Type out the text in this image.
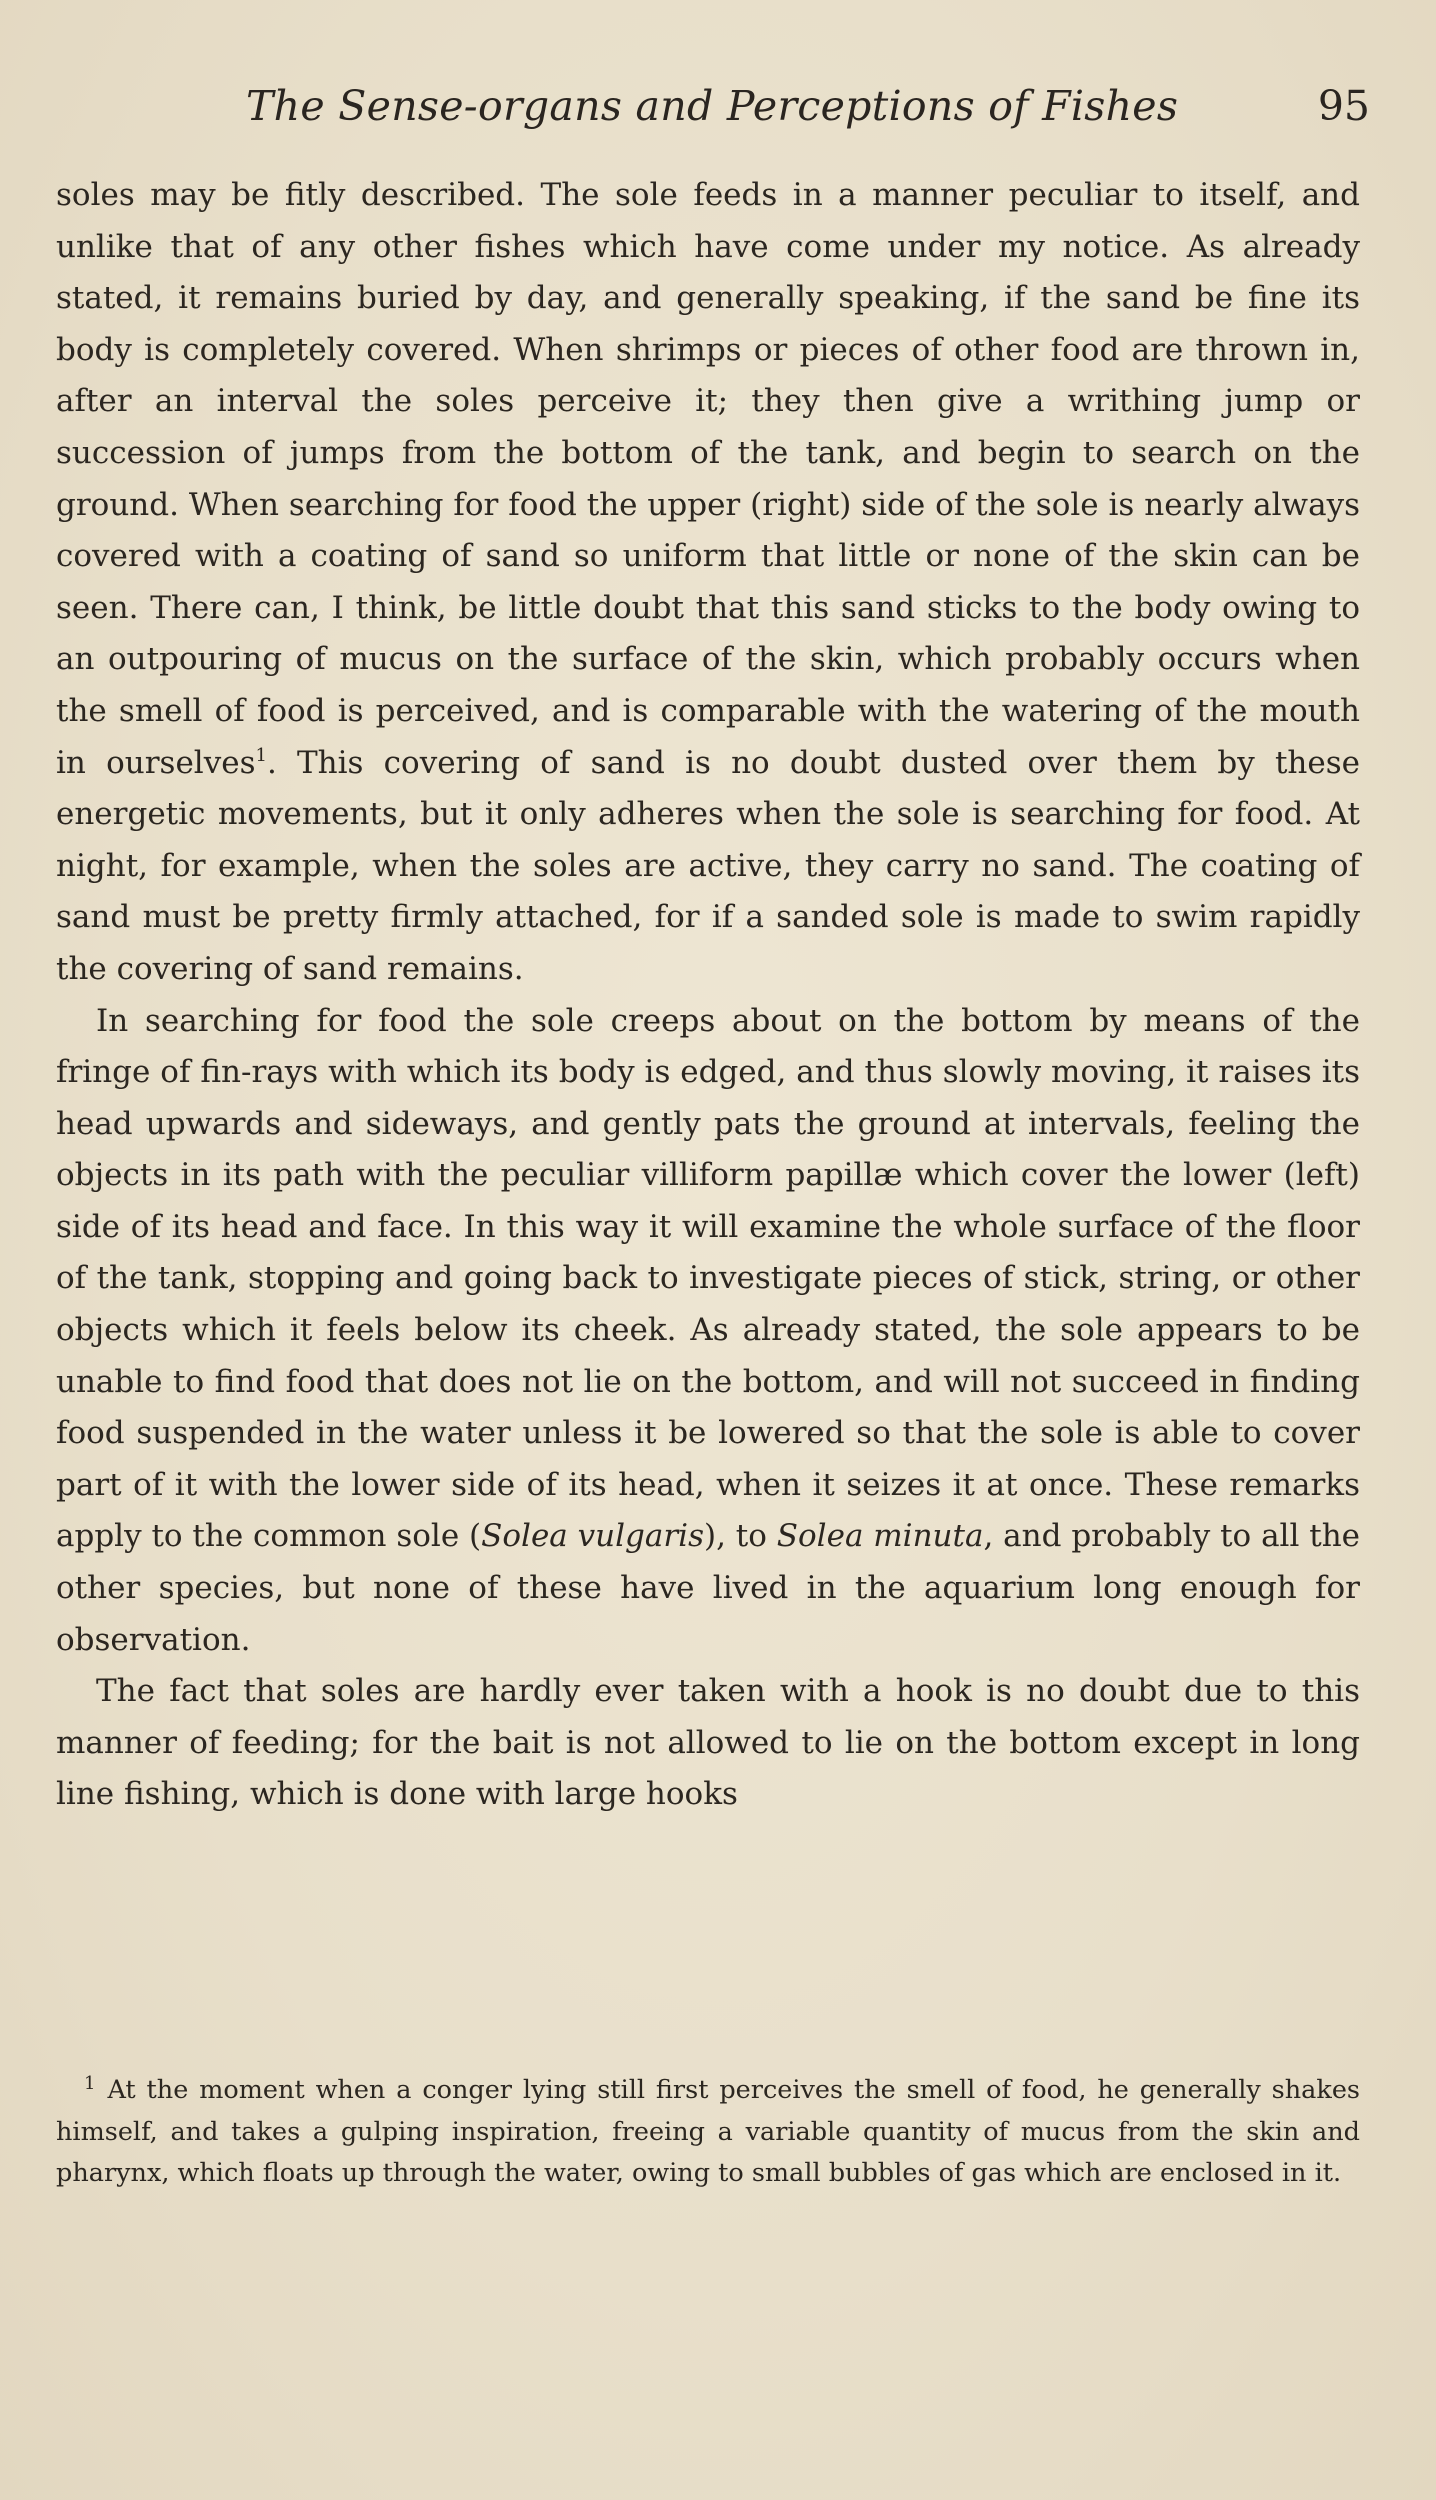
The Sense-organs and Perceptions of Fishes	95

soles may be fitly described. The sole feeds in a manner peculiar to itself, and unlike that of any other fishes which have come under my notice. As already stated, it remains buried by day, and generally speaking, if the sand be fine its body is completely covered. When shrimps or pieces of other food are thrown in, after an interval the soles perceive it; they then give a writhing jump or succession of jumps from the bottom of the tank, and begin to search on the ground. When searching for food the upper (right) side of the sole is nearly always covered with a coating of sand so uniform that little or none of the skin can be seen. There can, I think, be little doubt that this sand sticks to the body owing to an outpouring of mucus on the surface of the skin, which probably occurs when the smell of food is perceived, and is comparable with the watering of the mouth in ourselves$^1$. This covering of sand is no doubt dusted over them by these energetic movements, but it only adheres when the sole is searching for food. At night, for example, when the soles are active, they carry no sand. The coating of sand must be pretty firmly attached, for if a sanded sole is made to swim rapidly the covering of sand remains.

In searching for food the sole creeps about on the bottom by means of the fringe of fin-rays with which its body is edged, and thus slowly moving, it raises its head upwards and sideways, and gently pats the ground at intervals, feeling the objects in its path with the peculiar villiform papillæ which cover the lower (left) side of its head and face. In this way it will examine the whole surface of the floor of the tank, stopping and going back to investigate pieces of stick, string, or other objects which it feels below its cheek. As already stated, the sole appears to be unable to find food that does not lie on the bottom, and will not succeed in finding food suspended in the water unless it be lowered so that the sole is able to cover part of it with the lower side of its head, when it seizes it at once. These remarks apply to the common sole (Solea vulgaris), to Solea minuta, and probably to all the other species, but none of these have lived in the aquarium long enough for observation.

The fact that soles are hardly ever taken with a hook is no doubt due to this manner of feeding; for the bait is not allowed to lie on the bottom except in long line fishing, which is done with large hooks

$^1$ At the moment when a conger lying still first perceives the smell of food, he generally shakes himself, and takes a gulping inspiration, freeing a variable quantity of mucus from the skin and pharynx, which floats up through the water, owing to small bubbles of gas which are enclosed in it.
